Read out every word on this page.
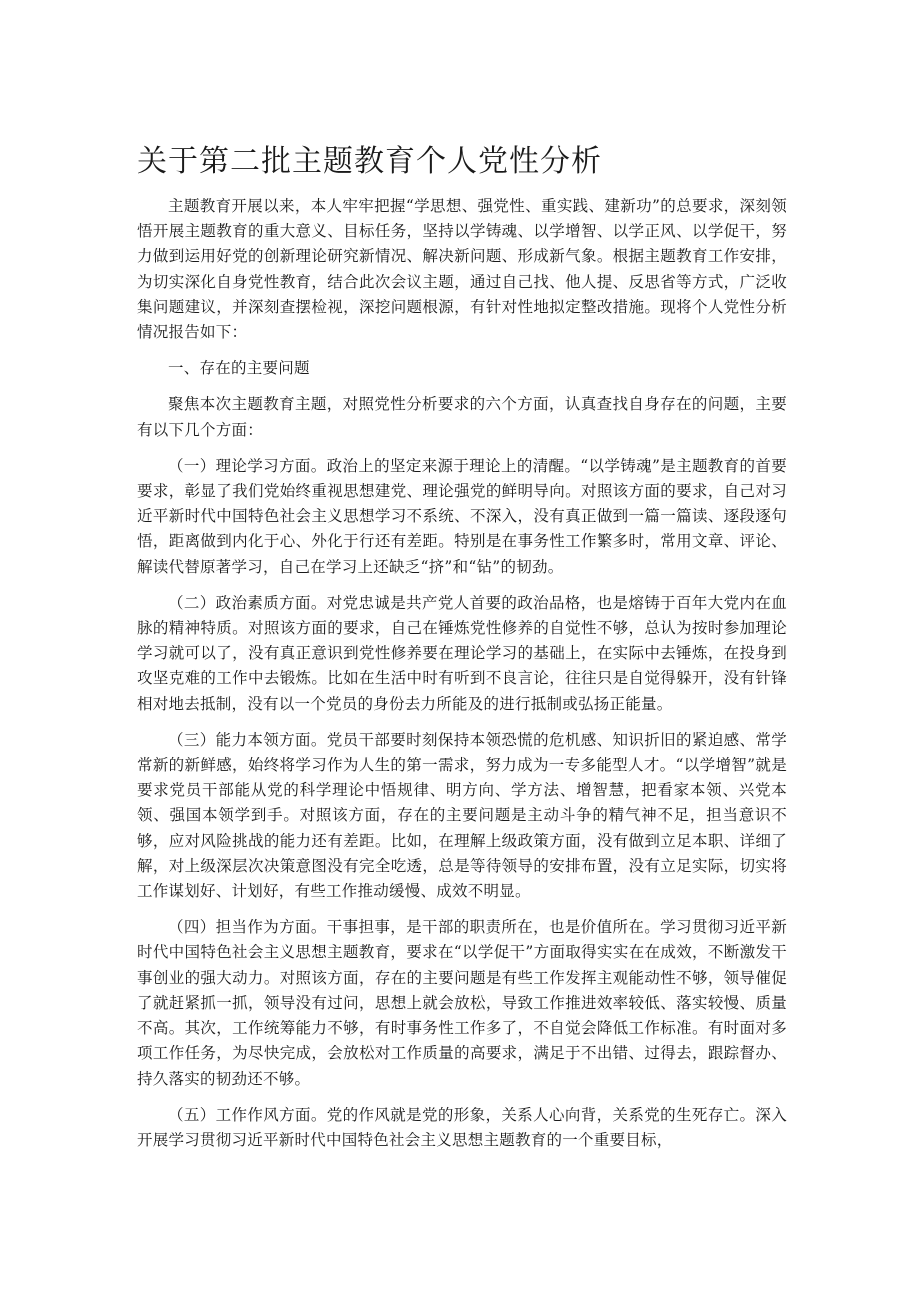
关于第二批主题教育个人党性分析

主题教育开展以来，本人牢牢把握“学思想、强党性、重实践、建新功”的总要求，深刻领悟开展主题教育的重大意义、目标任务，坚持以学铸魂、以学增智、以学正风、以学促干，努力做到运用好党的创新理论研究新情况、解决新问题、形成新气象。根据主题教育工作安排，为切实深化自身党性教育，结合此次会议主题，通过自己找、他人提、反思省等方式，广泛收集问题建议，并深刻查摆检视，深挖问题根源，有针对性地拟定整改措施。现将个人党性分析情况报告如下：

一、存在的主要问题

聚焦本次主题教育主题，对照党性分析要求的六个方面，认真查找自身存在的问题，主要有以下几个方面：

（一）理论学习方面。政治上的坚定来源于理论上的清醒。“以学铸魂”是主题教育的首要要求，彰显了我们党始终重视思想建党、理论强党的鲜明导向。对照该方面的要求，自己对习近平新时代中国特色社会主义思想学习不系统、不深入，没有真正做到一篇一篇读、逐段逐句悟，距离做到内化于心、外化于行还有差距。特别是在事务性工作繁多时，常用文章、评论、解读代替原著学习，自己在学习上还缺乏“挤”和“钻”的韧劲。

（二）政治素质方面。对党忠诚是共产党人首要的政治品格，也是熔铸于百年大党内在血脉的精神特质。对照该方面的要求，自己在锤炼党性修养的自觉性不够，总认为按时参加理论学习就可以了，没有真正意识到党性修养要在理论学习的基础上，在实际中去锤炼，在投身到攻坚克难的工作中去锻炼。比如在生活中时有听到不良言论，往往只是自觉得躲开，没有针锋相对地去抵制，没有以一个党员的身份去力所能及的进行抵制或弘扬正能量。

（三）能力本领方面。党员干部要时刻保持本领恐慌的危机感、知识折旧的紧迫感、常学常新的新鲜感，始终将学习作为人生的第一需求，努力成为一专多能型人才。“以学增智”就是要求党员干部能从党的科学理论中悟规律、明方向、学方法、增智慧，把看家本领、兴党本领、强国本领学到手。对照该方面，存在的主要问题是主动斗争的精气神不足，担当意识不够，应对风险挑战的能力还有差距。比如，在理解上级政策方面，没有做到立足本职、详细了解，对上级深层次决策意图没有完全吃透，总是等待领导的安排布置，没有立足实际，切实将工作谋划好、计划好，有些工作推动缓慢、成效不明显。

（四）担当作为方面。干事担事，是干部的职责所在，也是价值所在。学习贯彻习近平新时代中国特色社会主义思想主题教育，要求在“以学促干”方面取得实实在在成效，不断激发干事创业的强大动力。对照该方面，存在的主要问题是有些工作发挥主观能动性不够，领导催促了就赶紧抓一抓，领导没有过问，思想上就会放松，导致工作推进效率较低、落实较慢、质量不高。其次，工作统筹能力不够，有时事务性工作多了，不自觉会降低工作标准。有时面对多项工作任务，为尽快完成，会放松对工作质量的高要求，满足于不出错、过得去，跟踪督办、持久落实的韧劲还不够。

（五）工作作风方面。党的作风就是党的形象，关系人心向背，关系党的生死存亡。深入开展学习贯彻习近平新时代中国特色社会主义思想主题教育的一个重要目标，
